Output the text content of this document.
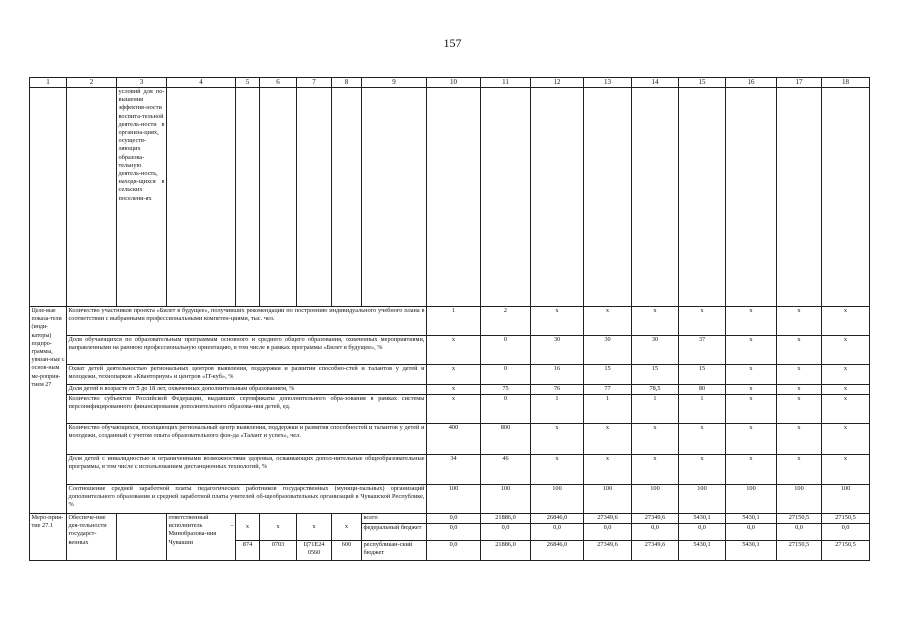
157
1	2	3	4	5	6	7	8	9	10	11	12	13	14	15	16	17	18
		условий для по-вышения эффектив-ности воспита-тельной деятель-ности в организа-циях, осуществ-ляющих образова-тельную деятель-ность, находя-щихся в сельских поселени-ях															
Целе-вые показа-тели (инди-каторы) подпро-граммы, увязан-ные с основ-ным ме-роприя-тием 27	Количество участников проекта «Билет в будущее», получивших рекомендации по построению индивидуального учебного плана в соответствии с выбранными профессиональными компетен-циями, тыс. чел.								1	2	x	x	x	x	x	x	x
	Доля обучающихся по образовательным программам основного и среднего общего образования, охваченных мероприятиями, направленными на раннюю профессиональную ориентацию, в том числе в рамках программы «Билет в будущее», %								x	0	30	30	30	37	x	x	x
	Охват детей деятельностью региональных центров выявления, поддержки и развития способно-стей и талантов у детей и молодежи, технопарков «Кванториум» и центров «IT-куб», %								x	0	16	15	15	15	x	x	x
	Доля детей в возрасте от 5 до 18 лет, охваченных дополнительным образованием, %								x	75	76	77	78,5	80	x	x	x
	Количество субъектов Российской Федерации, выдавших сертификаты дополнительного обра-зования в рамках системы персонифицированного финансирования дополнительного образова-ния детей, ед.								x	0	1	1	1	1	x	x	x
	Количество обучающихся, посещающих региональный центр выявления, поддержки и развития способностей и талантов у детей и молодежи, созданный с учетом опыта образовательного фон-да «Талант и успех», чел.								400	800	x	x	x	x	x	x	x
	Доля детей с инвалидностью и ограниченными возможностями здоровья, осваивающих допол-нительные общеобразовательные программы, в том числе с использованием дистанционных технологий, %								34	46	x	x	x	x	x	x	x
	Соотношение средней заработной платы педагогических работников государственных (муници-пальных) организаций дополнительного образования и средней заработной платы учителей об-щеобразовательных организаций в Чувашской Республике, %								100	100	100	100	100	100	100	100	100
Меро-прия-тие 27.1	Обеспече-ние дея-тельности государст-венных		ответственный исполнитель – Минобразова-ния Чувашии	x	x	x	x	всего	0,0	21886,0	26846,0	27349,6	27349,6	5430,1	5430,1	27150,5	27150,5
								федеральный бюджет	0,0	0,0	0,0	0,0	0,0	0,0	0,0	0,0	0,0
				874	0703	Ц71Е24 0560	600	республикан-ский бюджет	0,0	21886,0	26846,0	27349,6	27349,6	5430,1	5430,1	27150,5	27150,5
